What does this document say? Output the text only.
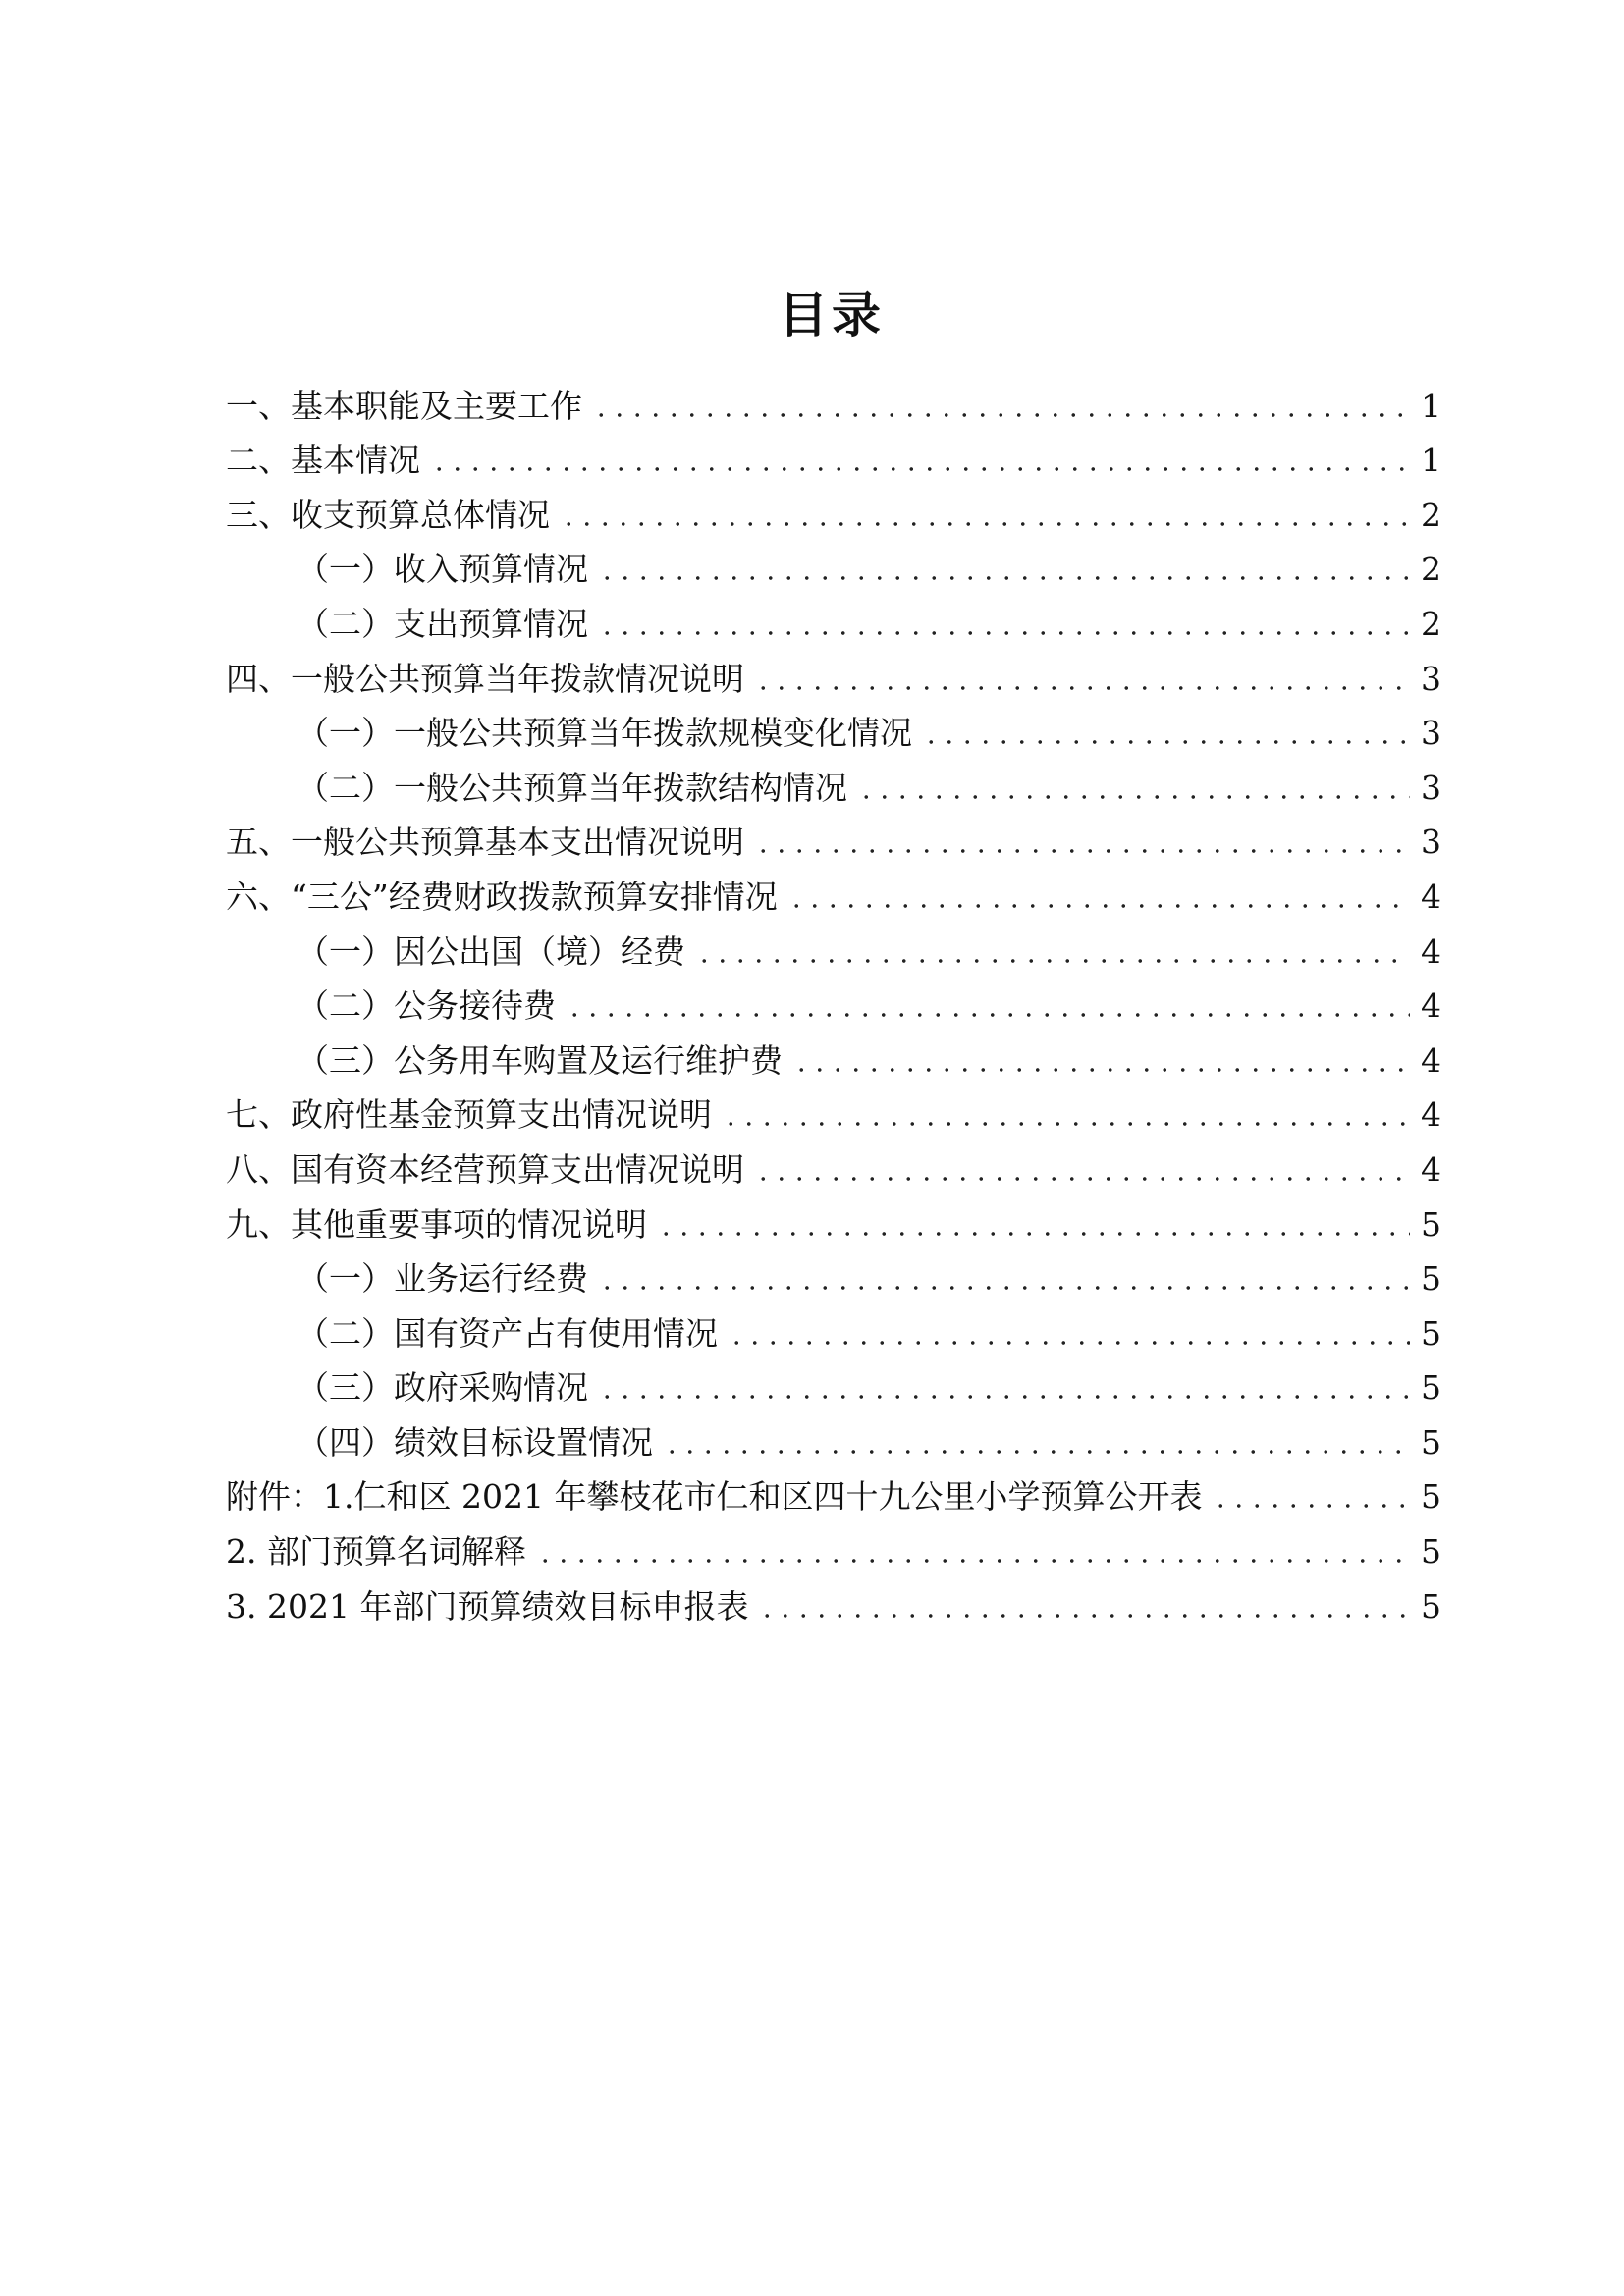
目录
一、基本职能及主要工作	1
二、基本情况	1
三、收支预算总体情况	2
（一）收入预算情况	2
（二）支出预算情况	2
四、一般公共预算当年拨款情况说明	3
（一）一般公共预算当年拨款规模变化情况	3
（二）一般公共预算当年拨款结构情况	3
五、一般公共预算基本支出情况说明	3
六、“三公”经费财政拨款预算安排情况	4
（一）因公出国（境）经费	4
（二）公务接待费	4
（三）公务用车购置及运行维护费	4
七、政府性基金预算支出情况说明	4
八、国有资本经营预算支出情况说明	4
九、其他重要事项的情况说明	5
（一）业务运行经费	5
（二）国有资产占有使用情况	5
（三）政府采购情况	5
（四）绩效目标设置情况	5
附件：1.仁和区 2021 年攀枝花市仁和区四十九公里小学预算公开表	5
2. 部门预算名词解释	5
3. 2021 年部门预算绩效目标申报表	5
